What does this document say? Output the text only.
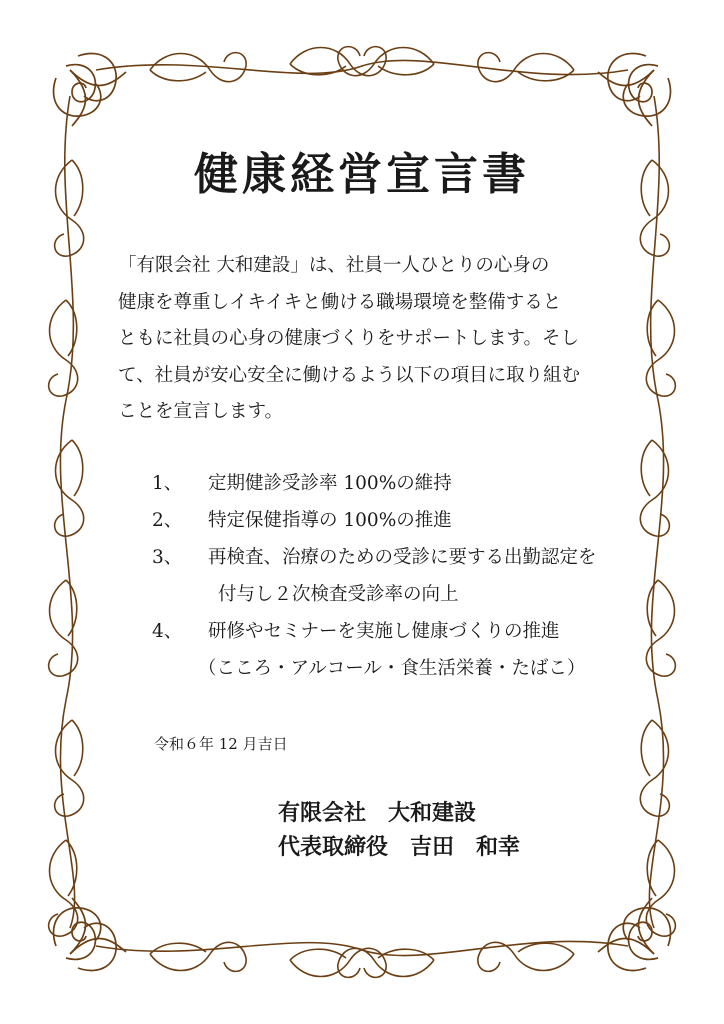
健康経営宣言書
「有限会社 大和建設」は、社員一人ひとりの心身の
健康を尊重しイキイキと働ける職場環境を整備すると
ともに社員の心身の健康づくりをサポートします。そし
て、社員が安心安全に働けるよう以下の項目に取り組む
ことを宣言します。
1、 定期健診受診率 100%の維持
2、 特定保健指導の 100%の推進
3、 再検査、治療のための受診に要する出勤認定を
付与し２次検査受診率の向上
4、 研修やセミナーを実施し健康づくりの推進
（こころ・アルコール・食生活栄養・たばこ）
令和６年 12 月吉日
有限会社　大和建設
代表取締役　吉田　和幸
